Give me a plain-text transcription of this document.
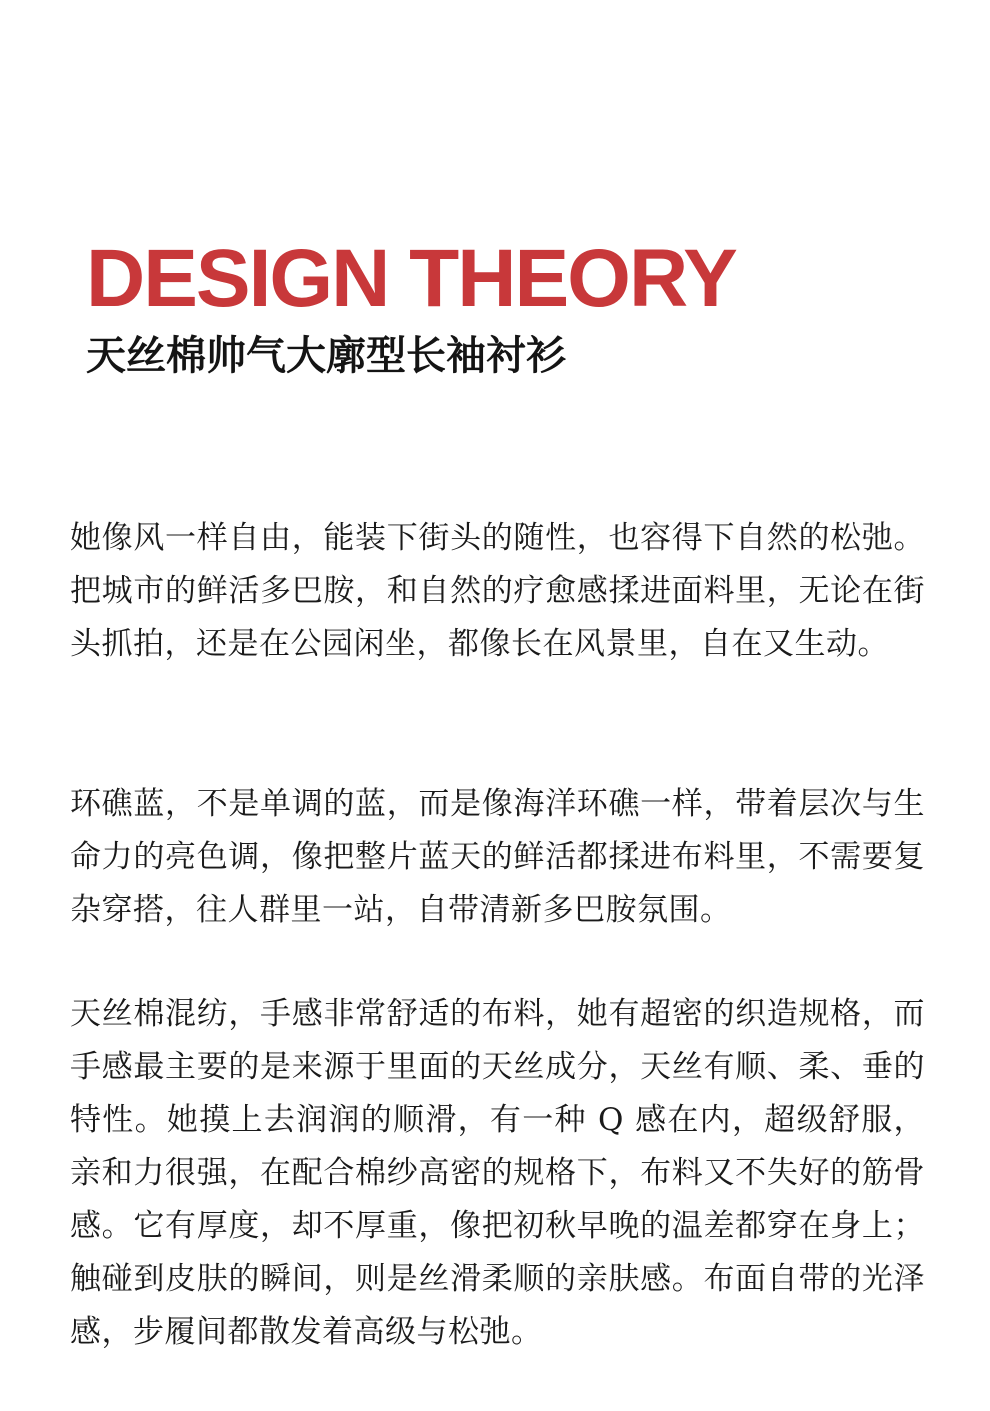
DESIGN THEORY
天丝棉帅气大廓型长袖衬衫

她像风一样自由，能装下街头的随性，也容得下自然的松弛。把城市的鲜活多巴胺，和自然的疗愈感揉进面料里，无论在街头抓拍，还是在公园闲坐，都像长在风景里，自在又生动。

环礁蓝，不是单调的蓝，而是像海洋环礁一样，带着层次与生命力的亮色调，像把整片蓝天的鲜活都揉进布料里，不需要复杂穿搭，往人群里一站，自带清新多巴胺氛围。

天丝棉混纺，手感非常舒适的布料，她有超密的织造规格，而手感最主要的是来源于里面的天丝成分，天丝有顺、柔、垂的特性。她摸上去润润的顺滑，有一种 Q 感在内，超级舒服，亲和力很强，在配合棉纱高密的规格下，布料又不失好的筋骨感。它有厚度，却不厚重，像把初秋早晚的温差都穿在身上；触碰到皮肤的瞬间，则是丝滑柔顺的亲肤感。布面自带的光泽感，步履间都散发着高级与松弛。
